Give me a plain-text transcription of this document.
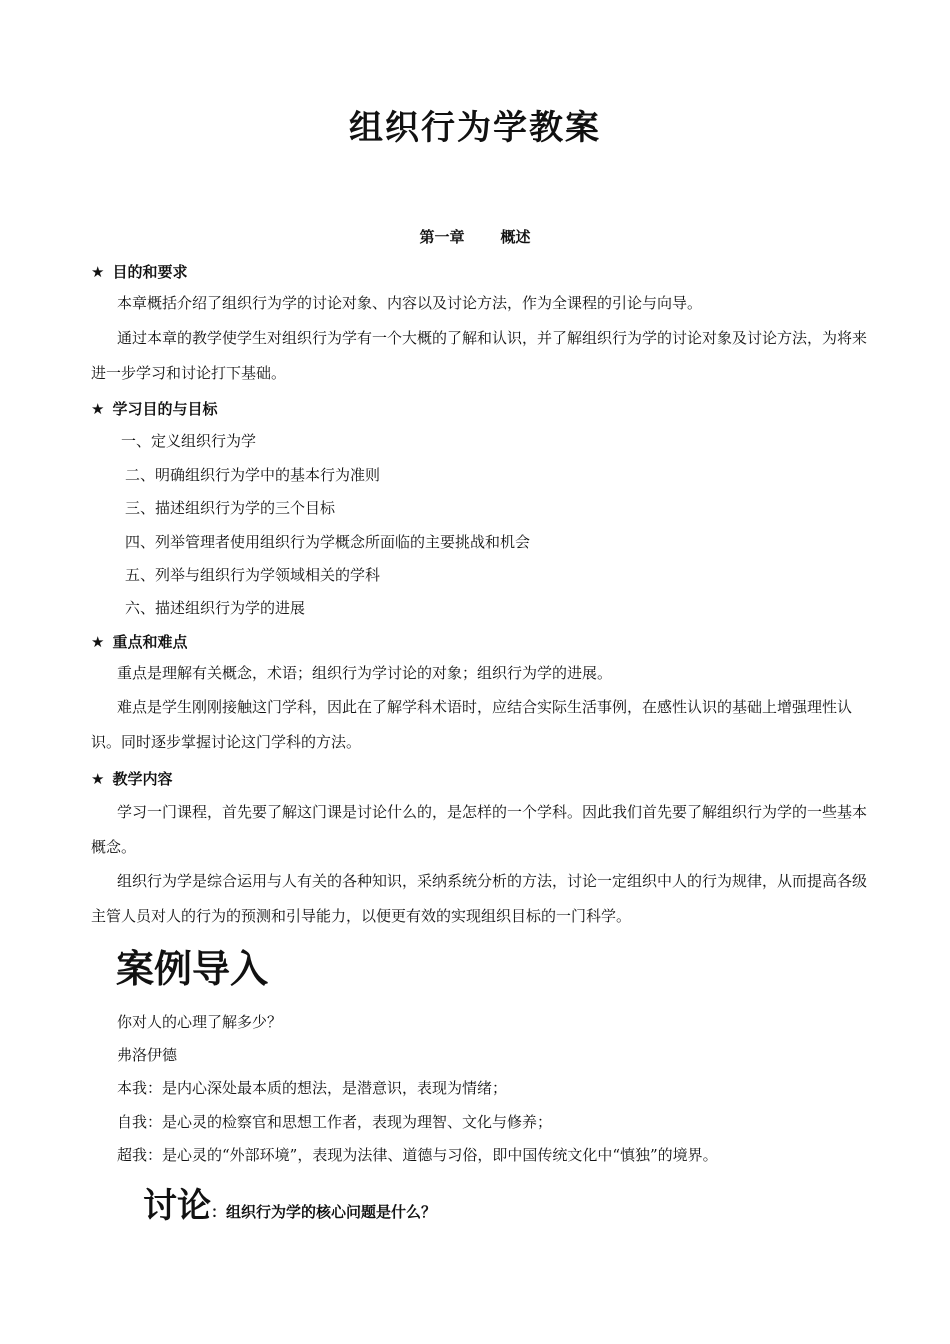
组织行为学教案
第一章 概述
★ 目的和要求

本章概括介绍了组织行为学的讨论对象、内容以及讨论方法，作为全课程的引论与向导。

通过本章的教学使学生对组织行为学有一个大概的了解和认识，并了解组织行为学的讨论对象及讨论方法，为将来进一步学习和讨论打下基础。

★ 学习目的与目标
一、定义组织行为学
二、明确组织行为学中的基本行为准则
三、描述组织行为学的三个目标
四、列举管理者使用组织行为学概念所面临的主要挑战和机会
五、列举与组织行为学领域相关的学科
六、描述组织行为学的进展
★ 重点和难点

重点是理解有关概念，术语；组织行为学讨论的对象；组织行为学的进展。

难点是学生刚刚接触这门学科，因此在了解学科术语时，应结合实际生活事例，在感性认识的基础上增强理性认识。同时逐步掌握讨论这门学科的方法。

★ 教学内容

学习一门课程，首先要了解这门课是讨论什么的，是怎样的一个学科。因此我们首先要了解组织行为学的一些基本概念。

组织行为学是综合运用与人有关的各种知识，采纳系统分析的方法，讨论一定组织中人的行为规律，从而提高各级主管人员对人的行为的预测和引导能力，以便更有效的实现组织目标的一门科学。

案例导入
你对人的心理了解多少？
弗洛伊德
本我：是内心深处最本质的想法，是潜意识，表现为情绪；
自我：是心灵的检察官和思想工作者，表现为理智、文化与修养；
超我：是心灵的“外部环境”，表现为法律、道德与习俗，即中国传统文化中“慎独”的境界。
讨论：组织行为学的核心问题是什么？
